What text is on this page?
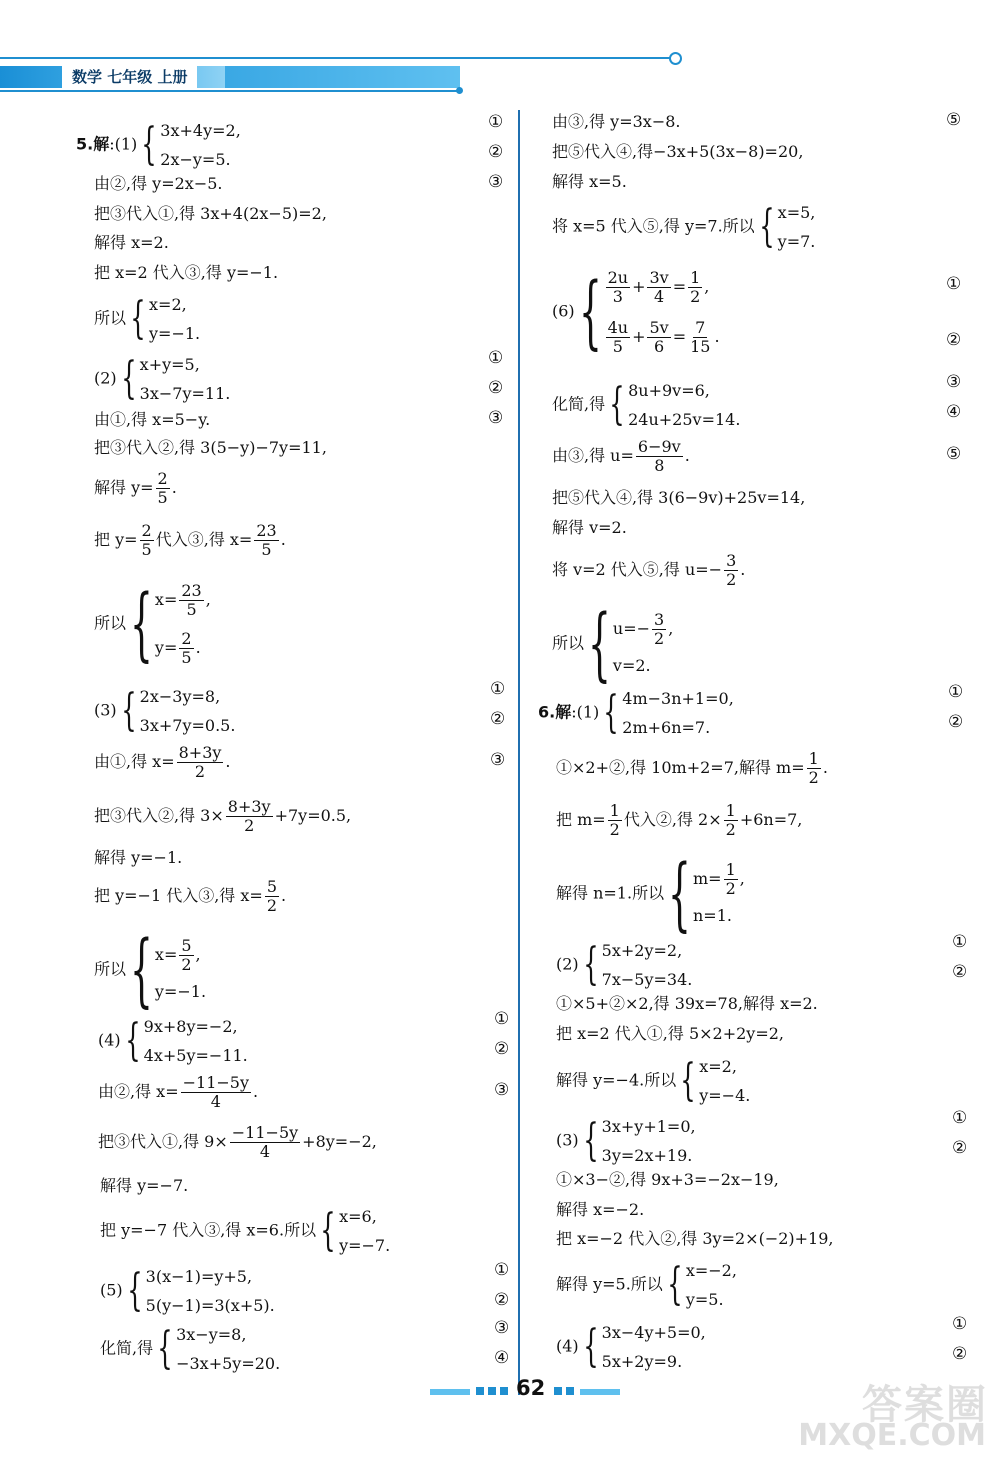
数学 七年级 上册
5.解:(1) { 3x+4y=2,
2x−y=5.
①
②
由②,得 y=2x−5.	③
把③代入①,得 3x+4(2x−5)=2,
解得 x=2.
把 x=2 代入③,得 y=−1.
所以 { x=2,
y=−1.
(2) { x+y=5,
3x−7y=11.
①
②
由①,得 x=5−y.	③
把③代入②,得 3(5−y)−7y=11,
解得 $y= \frac{2}{5}$ .
把 $y= \frac{2}{5}$ 代入③,得 $x= \frac{23}{5}$ .
所以 { $x= \frac{23}{5}$ ,
$y= \frac{2}{5}$ .
(3) { 2x−3y=8,
3x+7y=0.5.
①
②
由①,得 $x= \frac{8+3y}{2}$ .	③
把③代入②,得 $3\times \frac{8+3y}{2} +7y=0.5$,
解得 y=−1.
把 y=−1 代入③,得 $x= \frac{5}{2}$ .
所以 { $x= \frac{5}{2}$ ,
y=−1.
(4) { 9x+8y=−2,
4x+5y=−11.
①
②
由②,得 $x= \frac{-11-5y}{4}$ .	③
把③代入①,得 $9\times \frac{-11-5y}{4} +8y=-2$,
解得 y=−7.
把 y=−7 代入③,得 x=6.所以 { x=6,
y=−7.
(5) { 3(x−1)=y+5,
5(y−1)=3(x+5).
①
②
化简,得 { 3x−y=8,
−3x+5y=20.
③
④
由③,得 y=3x−8.	⑤
把⑤代入④,得−3x+5(3x−8)=20,
解得 x=5.
将 x=5 代入⑤,得 y=7.所以 { x=5,
y=7.
(6) { $\frac{2u}{3} + \frac{3v}{4} = \frac{1}{2}$ ,
$\frac{4u}{5} + \frac{5v}{6} = \frac{7}{15}$ .
①
②
化简,得 { 8u+9v=6,
24u+25v=14.
③
④
由③,得 $u= \frac{6-9v}{8}$ .	⑤
把⑤代入④,得 3(6−9v)+25v=14,
解得 v=2.
将 v=2 代入⑤,得 $u=- \frac{3}{2}$ .
所以 { $u=- \frac{3}{2}$ ,
v=2.
6.解:(1) { 4m−3n+1=0,
2m+6n=7.
①
②
①×2+②,得 10m+2=7,解得 $m= \frac{1}{2}$ .
把 $m= \frac{1}{2}$ 代入②,得 $2\times \frac{1}{2} +6n=7$,
解得 n=1.所以 { $m= \frac{1}{2}$ ,
n=1.
(2) { 5x+2y=2,
7x−5y=34.
①
②
①×5+②×2,得 39x=78,解得 x=2.
把 x=2 代入①,得 5×2+2y=2,
解得 y=−4.所以 { x=2,
y=−4.
(3) { 3x+y+1=0,
3y=2x+19.
①
②
①×3−②,得 9x+3=−2x−19,
解得 x=−2.
把 x=−2 代入②,得 3y=2×(−2)+19,
解得 y=5.所以 { x=−2,
y=5.
(4) { 3x−4y+5=0,
5x+2y=9.
①
②
62	答案圈
MXQE.COM
